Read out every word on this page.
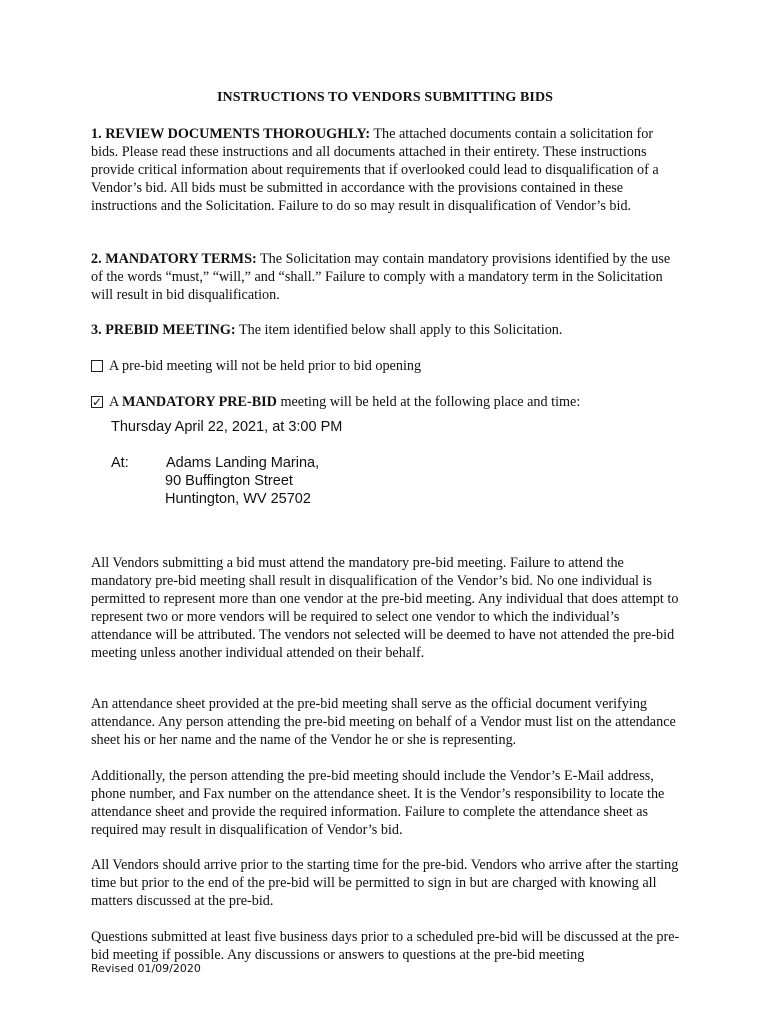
INSTRUCTIONS TO VENDORS SUBMITTING BIDS
1. REVIEW DOCUMENTS THOROUGHLY: The attached documents contain a solicitation for bids. Please read these instructions and all documents attached in their entirety. These instructions provide critical information about requirements that if overlooked could lead to disqualification of a Vendor’s bid. All bids must be submitted in accordance with the provisions contained in these instructions and the Solicitation. Failure to do so may result in disqualification of Vendor’s bid.
2. MANDATORY TERMS: The Solicitation may contain mandatory provisions identified by the use of the words “must,” “will,” and “shall.” Failure to comply with a mandatory term in the Solicitation will result in bid disqualification.
3. PREBID MEETING: The item identified below shall apply to this Solicitation.
A pre-bid meeting will not be held prior to bid opening
✓ A MANDATORY PRE-BID meeting will be held at the following place and time:
Thursday April 22, 2021, at 3:00 PM
At:	Adams Landing Marina,
90 Buffington Street
Huntington, WV 25702
All Vendors submitting a bid must attend the mandatory pre-bid meeting. Failure to attend the mandatory pre-bid meeting shall result in disqualification of the Vendor’s bid. No one individual is permitted to represent more than one vendor at the pre-bid meeting. Any individual that does attempt to represent two or more vendors will be required to select one vendor to which the individual’s attendance will be attributed. The vendors not selected will be deemed to have not attended the pre-bid meeting unless another individual attended on their behalf.
An attendance sheet provided at the pre-bid meeting shall serve as the official document verifying attendance. Any person attending the pre-bid meeting on behalf of a Vendor must list on the attendance sheet his or her name and the name of the Vendor he or she is representing.
Additionally, the person attending the pre-bid meeting should include the Vendor’s E-Mail address, phone number, and Fax number on the attendance sheet. It is the Vendor’s responsibility to locate the attendance sheet and provide the required information. Failure to complete the attendance sheet as required may result in disqualification of Vendor’s bid.
All Vendors should arrive prior to the starting time for the pre-bid. Vendors who arrive after the starting time but prior to the end of the pre-bid will be permitted to sign in but are charged with knowing all matters discussed at the pre-bid.
Questions submitted at least five business days prior to a scheduled pre-bid will be discussed at the pre-bid meeting if possible. Any discussions or answers to questions at the pre-bid meeting
Revised 01/09/2020
